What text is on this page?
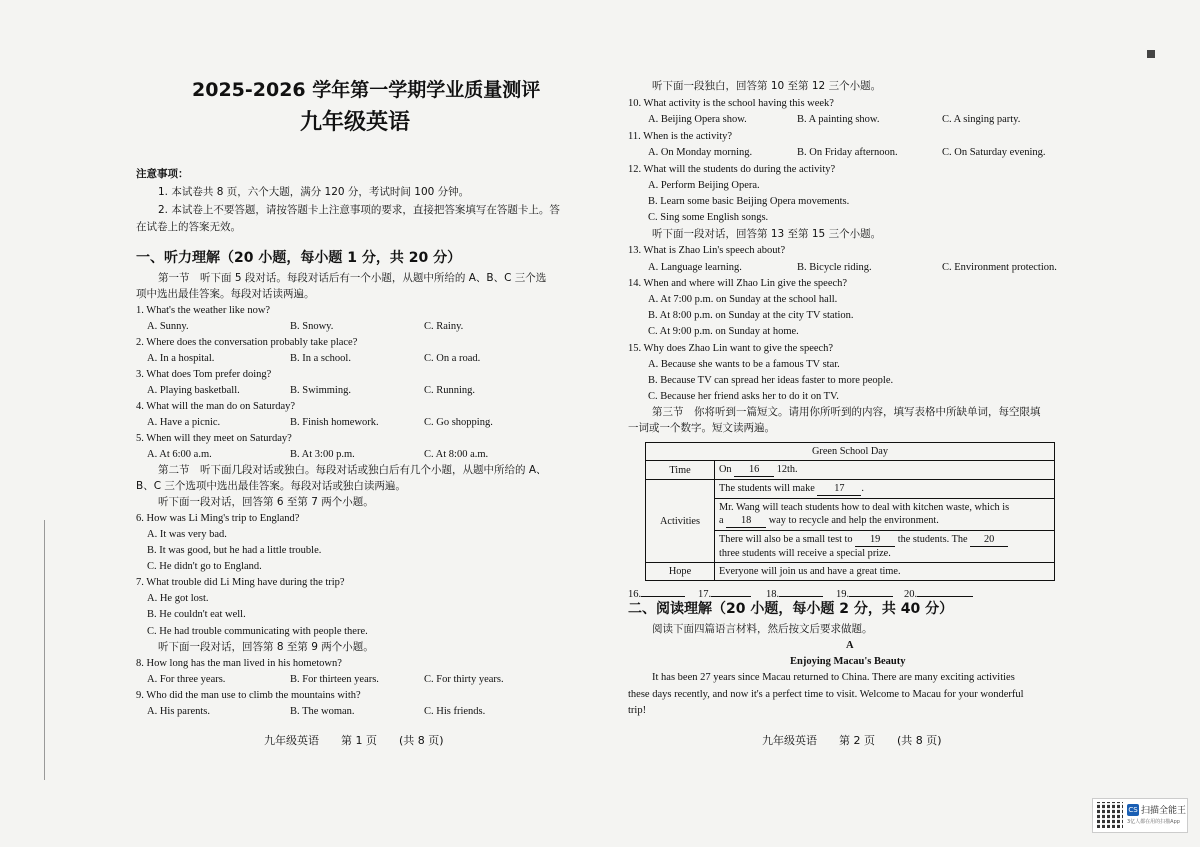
2025-2026 学年第一学期学业质量测评
九年级英语
注意事项：
1. 本试卷共 8 页，六个大题，满分 120 分，考试时间 100 分钟。
2. 本试卷上不要答题，请按答题卡上注意事项的要求，直接把答案填写在答题卡上。答
在试卷上的答案无效。
一、听力理解（20 小题，每小题 1 分，共 20 分）
第一节　听下面 5 段对话。每段对话后有一个小题，从题中所给的 A、B、C 三个选
项中选出最佳答案。每段对话读两遍。
1. What's the weather like now?
A. Sunny.	B. Snowy.	C. Rainy.
2. Where does the conversation probably take place?
A. In a hospital.	B. In a school.	C. On a road.
3. What does Tom prefer doing?
A. Playing basketball.	B. Swimming.	C. Running.
4. What will the man do on Saturday?
A. Have a picnic.	B. Finish homework.	C. Go shopping.
5. When will they meet on Saturday?
A. At 6:00 a.m.	B. At 3:00 p.m.	C. At 8:00 a.m.
第二节　听下面几段对话或独白。每段对话或独白后有几个小题，从题中所给的 A、
B、C 三个选项中选出最佳答案。每段对话或独白读两遍。
听下面一段对话，回答第 6 至第 7 两个小题。
6. How was Li Ming's trip to England?
A. It was very bad.
B. It was good, but he had a little trouble.
C. He didn't go to England.
7. What trouble did Li Ming have during the trip?
A. He got lost.
B. He couldn't eat well.
C. He had trouble communicating with people there.
听下面一段对话，回答第 8 至第 9 两个小题。
8. How long has the man lived in his hometown?
A. For three years.	B. For thirteen years.	C. For thirty years.
9. Who did the man use to climb the mountains with?
A. His parents.	B. The woman.	C. His friends.
九年级英语　　第 1 页　　(共 8 页)
听下面一段独白，回答第 10 至第 12 三个小题。
10. What activity is the school having this week?
A. Beijing Opera show.	B. A painting show.	C. A singing party.
11. When is the activity?
A. On Monday morning.	B. On Friday afternoon.	C. On Saturday evening.
12. What will the students do during the activity?
A. Perform Beijing Opera.
B. Learn some basic Beijing Opera movements.
C. Sing some English songs.
听下面一段对话，回答第 13 至第 15 三个小题。
13. What is Zhao Lin's speech about?
A. Language learning.	B. Bicycle riding.	C. Environment protection.
14. When and where will Zhao Lin give the speech?
A. At 7:00 p.m. on Sunday at the school hall.
B. At 8:00 p.m. on Sunday at the city TV station.
C. At 9:00 p.m. on Sunday at home.
15. Why does Zhao Lin want to give the speech?
A. Because she wants to be a famous TV star.
B. Because TV can spread her ideas faster to more people.
C. Because her friend asks her to do it on TV.
第三节　你将听到一篇短文。请用你所听到的内容，填写表格中所缺单词，每空限填
一词或一个数字。短文读两遍。
Green School Day	
Time	On 16 12th.
Activities	The students will make 17 .

	Mr. Wang will teach students how to deal with kitchen waste, which is
a 18 way to recycle and help the environment.

	There will also be a small test to 19 the students. The 20
three students will receive a special prize.

Hope	Everyone will join us and have a great time.
16.	17.	18.	19.	20.
二、阅读理解（20 小题，每小题 2 分，共 40 分）
阅读下面四篇语言材料，然后按文后要求做题。
A
Enjoying Macau's Beauty
It has been 27 years since Macau returned to China. There are many exciting activities
these days recently, and now it's a perfect time to visit. Welcome to Macau for your wonderful
trip!
九年级英语　　第 2 页　　(共 8 页)
CS 扫描全能王
3亿人都在用的扫描App
